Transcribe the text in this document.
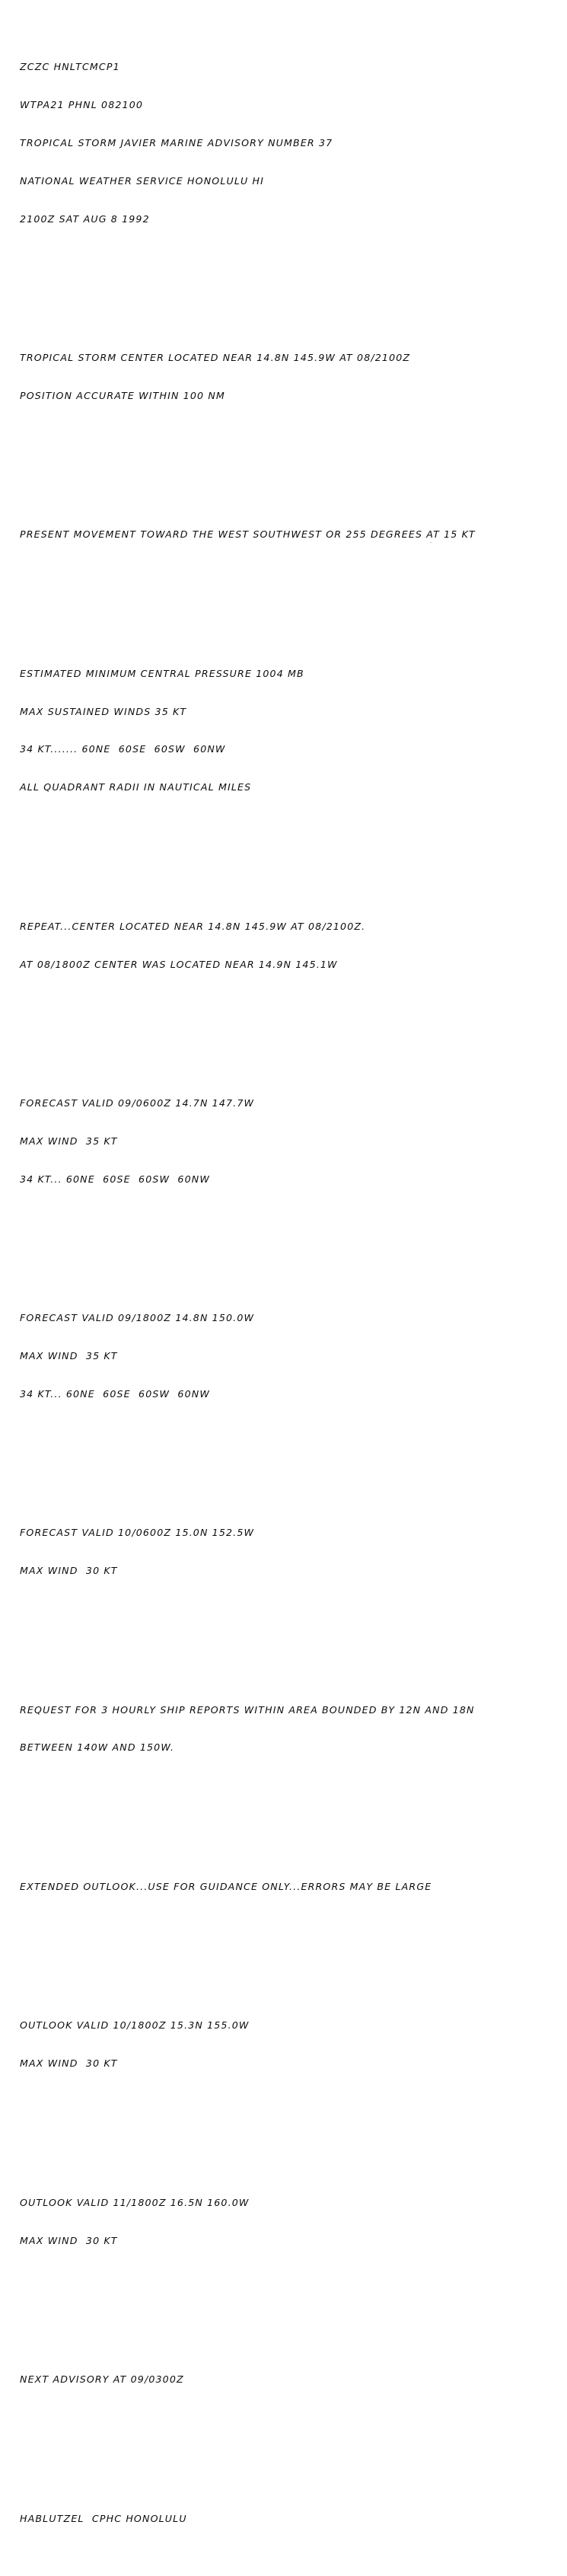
ZCZC HNLTCMCP1

WTPA21 PHNL 082100

TROPICAL STORM JAVIER MARINE ADVISORY NUMBER 37

NATIONAL WEATHER SERVICE HONOLULU HI

2100Z SAT AUG 8 1992

TROPICAL STORM CENTER LOCATED NEAR 14.8N 145.9W AT 08/2100Z

POSITION ACCURATE WITHIN 100 NM

PRESENT MOVEMENT TOWARD THE WEST SOUTHWEST OR 255 DEGREES AT 15 KT

ESTIMATED MINIMUM CENTRAL PRESSURE 1004 MB

MAX SUSTAINED WINDS 35 KT

34 KT....... 60NE  60SE  60SW  60NW

ALL QUADRANT RADII IN NAUTICAL MILES

REPEAT...CENTER LOCATED NEAR 14.8N 145.9W AT 08/2100Z.

AT 08/1800Z CENTER WAS LOCATED NEAR 14.9N 145.1W

FORECAST VALID 09/0600Z 14.7N 147.7W

MAX WIND  35 KT

34 KT... 60NE  60SE  60SW  60NW

FORECAST VALID 09/1800Z 14.8N 150.0W

MAX WIND  35 KT

34 KT... 60NE  60SE  60SW  60NW

FORECAST VALID 10/0600Z 15.0N 152.5W

MAX WIND  30 KT

REQUEST FOR 3 HOURLY SHIP REPORTS WITHIN AREA BOUNDED BY 12N AND 18N

BETWEEN 140W AND 150W.

EXTENDED OUTLOOK...USE FOR GUIDANCE ONLY...ERRORS MAY BE LARGE

OUTLOOK VALID 10/1800Z 15.3N 155.0W

MAX WIND  30 KT

OUTLOOK VALID 11/1800Z 16.5N 160.0W

MAX WIND  30 KT

NEXT ADVISORY AT 09/0300Z

HABLUTZEL  CPHC HONOLULU
